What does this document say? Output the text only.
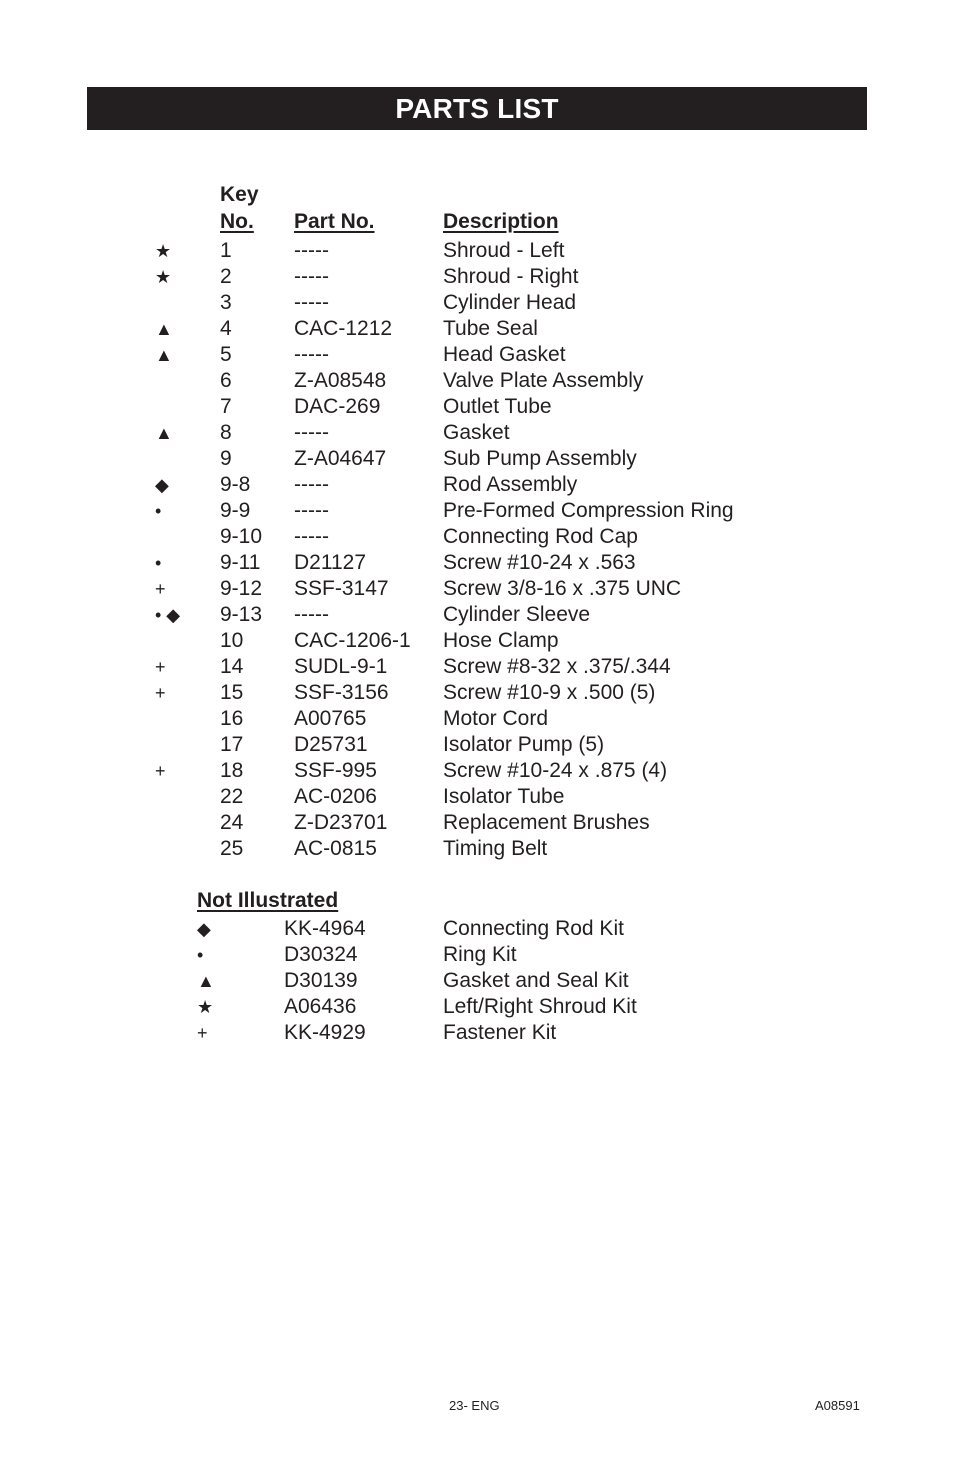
PARTS LIST
Key
No. Part No.	Description
★ 1	-----	Shroud - Left
★ 2	-----	Shroud - Right
3	-----	Cylinder Head
▲ 4	CAC-1212 Tube Seal
▲ 5	-----	Head Gasket
6	Z-A08548	Valve Plate Assembly
7	DAC-269	Outlet Tube
▲ 8	-----	Gasket
9	Z-A04647	Sub Pump Assembly
◆ 9-8 -----	Rod Assembly
•	9-9 -----	Pre-Formed Compression Ring
9-10 -----	Connecting Rod Cap
•	9-11 D21127	Screw #10-24 x .563
+	9-12 SSF-3147	Screw 3/8-16 x .375 UNC
• ◆ 9-13 -----	Cylinder Sleeve
10 CAC-1206-1 Hose Clamp
+	14 SUDL-9-1	Screw #8-32 x .375/.344
+	15 SSF-3156	Screw #10-9 x .500 (5)
16 A00765	Motor Cord
17 D25731	Isolator Pump (5)
+	18 SSF-995	Screw #10-24 x .875 (4)
22 AC-0206	Isolator Tube
24 Z-D23701	Replacement Brushes
25 AC-0815	Timing Belt
Not Illustrated
◆	KK-4964	Connecting Rod Kit
•	D30324	Ring Kit
▲	D30139	Gasket and Seal Kit
★	A06436	Left/Right Shroud Kit
+	KK-4929	Fastener Kit
23- ENG	A08591
